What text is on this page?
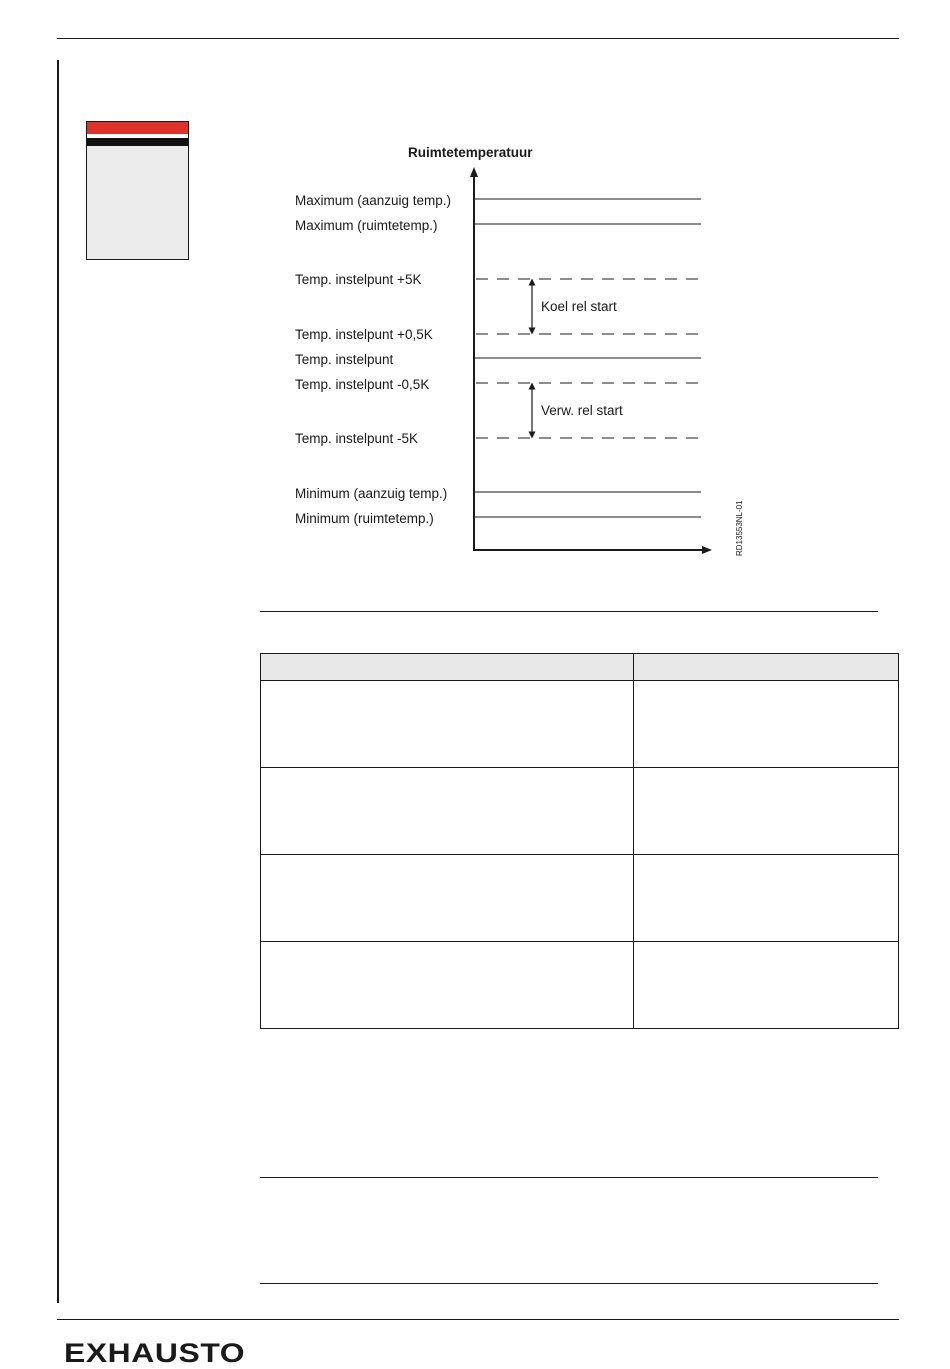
Ruimtetemperatuur
Maximum (aanzuig temp.)
Maximum (ruimtetemp.)
Temp. instelpunt +5K
Temp. instelpunt +0,5K
Temp. instelpunt
Temp. instelpunt -0,5K
Temp. instelpunt -5K
Minimum (aanzuig temp.)
Minimum (ruimtetemp.)
Koel rel start
Verw. rel start
RD13553NL-01

EXHAUSTO
